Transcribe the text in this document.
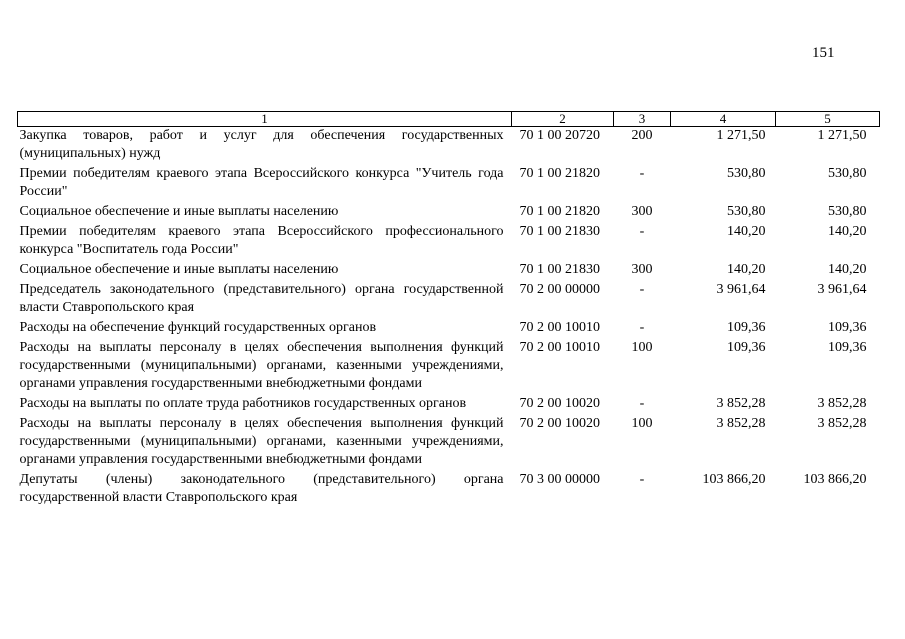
151
1	2	3	4	5
Закупка товаров, работ и услуг для обеспечения государственных (муниципальных) нужд	70 1 00 20720	200	1 271,50	1 271,50
Премии победителям краевого этапа Всероссийского конкурса "Учитель года России"	70 1 00 21820	-	530,80	530,80
Социальное обеспечение и иные выплаты населению	70 1 00 21820	300	530,80	530,80
Премии победителям краевого этапа Всероссийского профессионального конкурса "Воспитатель года России"	70 1 00 21830	-	140,20	140,20
Социальное обеспечение и иные выплаты населению	70 1 00 21830	300	140,20	140,20
Председатель законодательного (представительного) органа государственной власти Ставропольского края	70 2 00 00000	-	3 961,64	3 961,64
Расходы на обеспечение функций государственных органов	70 2 00 10010	-	109,36	109,36
Расходы на выплаты персоналу в целях обеспечения выполнения функций государственными (муниципальными) органами, казенными учреждениями, органами управления государственными внебюджетными фондами	70 2 00 10010	100	109,36	109,36
Расходы на выплаты по оплате труда работников государственных органов	70 2 00 10020	-	3 852,28	3 852,28
Расходы на выплаты персоналу в целях обеспечения выполнения функций государственными (муниципальными) органами, казенными учреждениями, органами управления государственными внебюджетными фондами	70 2 00 10020	100	3 852,28	3 852,28
Депутаты (члены) законодательного (представительного) органа государственной власти Ставропольского края	70 3 00 00000	-	103 866,20	103 866,20
